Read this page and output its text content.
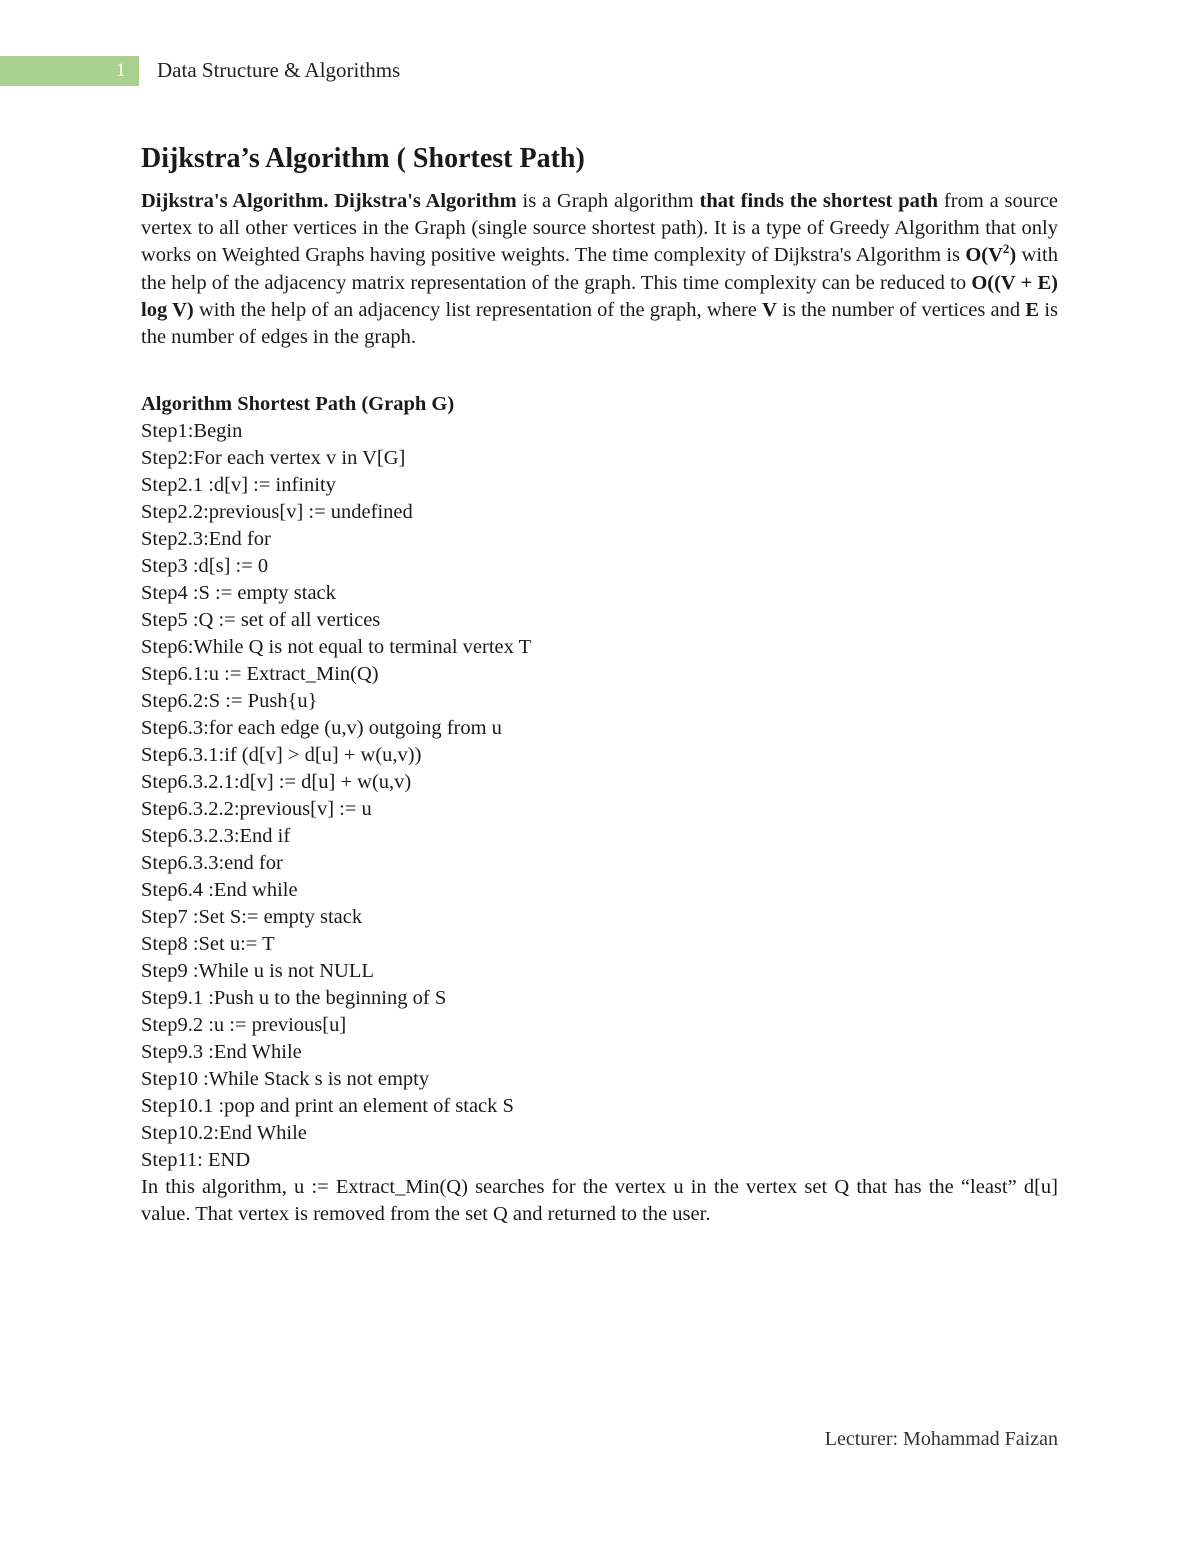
1 Data Structure & Algorithms
Dijkstra’s Algorithm ( Shortest Path)

Dijkstra's Algorithm. Dijkstra's Algorithm is a Graph algorithm that finds the shortest path from a source vertex to all other vertices in the Graph (single source shortest path). It is a type of Greedy Algorithm that only works on Weighted Graphs having positive weights. The time complexity of Dijkstra's Algorithm is $O(V^2)$ with the help of the adjacency matrix representation of the graph. This time complexity can be reduced to O((V + E) log V) with the help of an adjacency list representation of the graph, where V is the number of vertices and E is the number of edges in the graph.

Algorithm Shortest Path (Graph G)
Step1:Begin
Step2:For each vertex v in V[G]
Step2.1 :d[v] := infinity
Step2.2:previous[v] := undefined
Step2.3:End for
Step3 :d[s] := 0
Step4 :S := empty stack
Step5 :Q := set of all vertices
Step6:While Q is not equal to terminal vertex T
Step6.1:u := Extract_Min(Q)
Step6.2:S := Push{u}
Step6.3:for each edge (u,v) outgoing from u
Step6.3.1:if (d[v] > d[u] + w(u,v))
Step6.3.2.1:d[v] := d[u] + w(u,v)
Step6.3.2.2:previous[v] := u
Step6.3.2.3:End if
Step6.3.3:end for
Step6.4 :End while
Step7 :Set S:= empty stack
Step8 :Set u:= T
Step9 :While u is not NULL
Step9.1 :Push u to the beginning of S
Step9.2 :u := previous[u]
Step9.3 :End While
Step10 :While Stack s is not empty
Step10.1 :pop and print an element of stack S
Step10.2:End While
Step11: END

In this algorithm, u := Extract_Min(Q) searches for the vertex u in the vertex set Q that has the “least” d[u] value. That vertex is removed from the set Q and returned to the user.

Lecturer: Mohammad Faizan
